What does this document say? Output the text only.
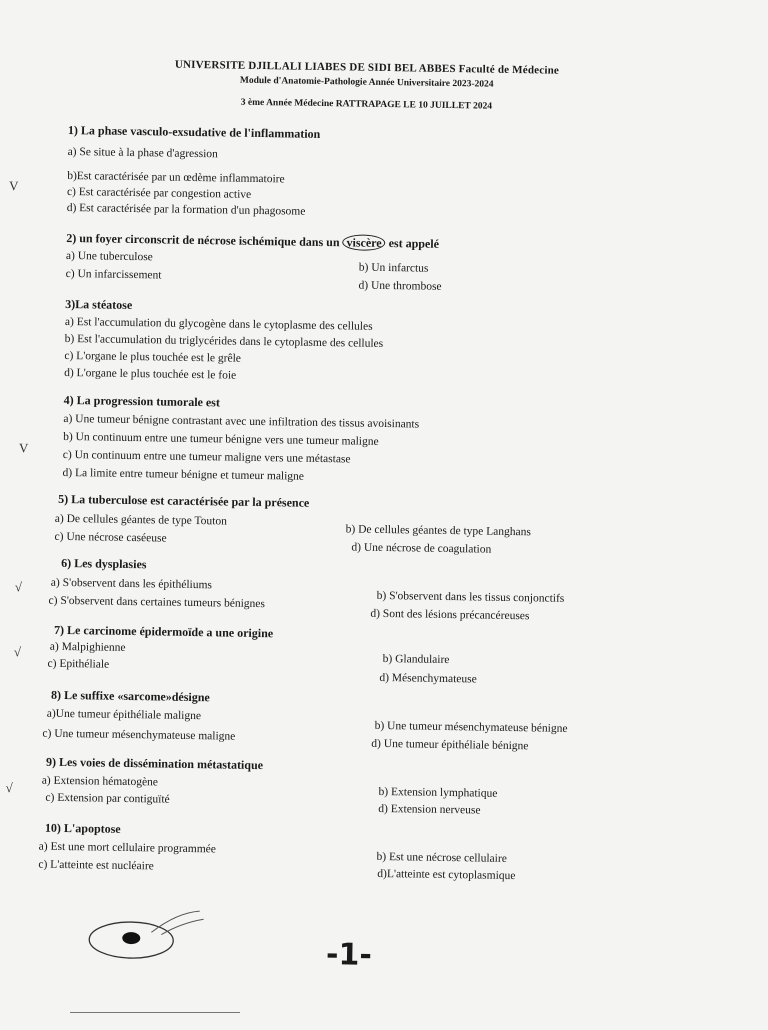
UNIVERSITE DJILLALI LIABES DE SIDI BEL ABBES Faculté de Médecine
Module d'Anatomie-Pathologie Année Universitaire 2023-2024
3 ème Année Médecine RATTRAPAGE LE 10 JUILLET 2024
1) La phase vasculo-exsudative de l'inflammation
a) Se situe à la phase d'agression
b)Est caractérisée par un œdème inflammatoire
c) Est caractérisée par congestion active
d) Est caractérisée par la formation d'un phagosome
2) un foyer circonscrit de nécrose ischémique dans un viscère est appelé
a) Une tuberculose
b) Un infarctus
c) Un infarcissement
d) Une thrombose
3)La stéatose
a) Est l'accumulation du glycogène dans le cytoplasme des cellules
b) Est l'accumulation du triglycérides dans le cytoplasme des cellules
c) L'organe le plus touchée est le grêle
d) L'organe le plus touchée est le foie
4) La progression tumorale est
a) Une tumeur bénigne contrastant avec une infiltration des tissus avoisinants
b) Un continuum entre une tumeur bénigne vers une tumeur maligne
c) Un continuum entre une tumeur maligne vers une métastase
d) La limite entre tumeur bénigne et tumeur maligne
5) La tuberculose est caractérisée par la présence
a) De cellules géantes de type Touton
b) De cellules géantes de type Langhans
c) Une nécrose caséeuse
d) Une nécrose de coagulation
6) Les dysplasies
a) S'observent dans les épithéliums
b) S'observent dans les tissus conjonctifs
c) S'observent dans certaines tumeurs bénignes
d) Sont des lésions précancéreuses
7) Le carcinome épidermoïde a une origine
a) Malpighienne
b) Glandulaire
c) Epithéliale
d) Mésenchymateuse
8) Le suffixe «sarcome»désigne
a)Une tumeur épithéliale maligne
b) Une tumeur mésenchymateuse bénigne
c) Une tumeur mésenchymateuse maligne
d) Une tumeur épithéliale bénigne
9) Les voies de dissémination métastatique
a) Extension hématogène
b) Extension lymphatique
c) Extension par contiguïté
d) Extension nerveuse
10) L'apoptose
a) Est une mort cellulaire programmée
b) Est une nécrose cellulaire
c) L'atteinte est nucléaire
d)L'atteinte est cytoplasmique
V
V
√
√
√
-1-
